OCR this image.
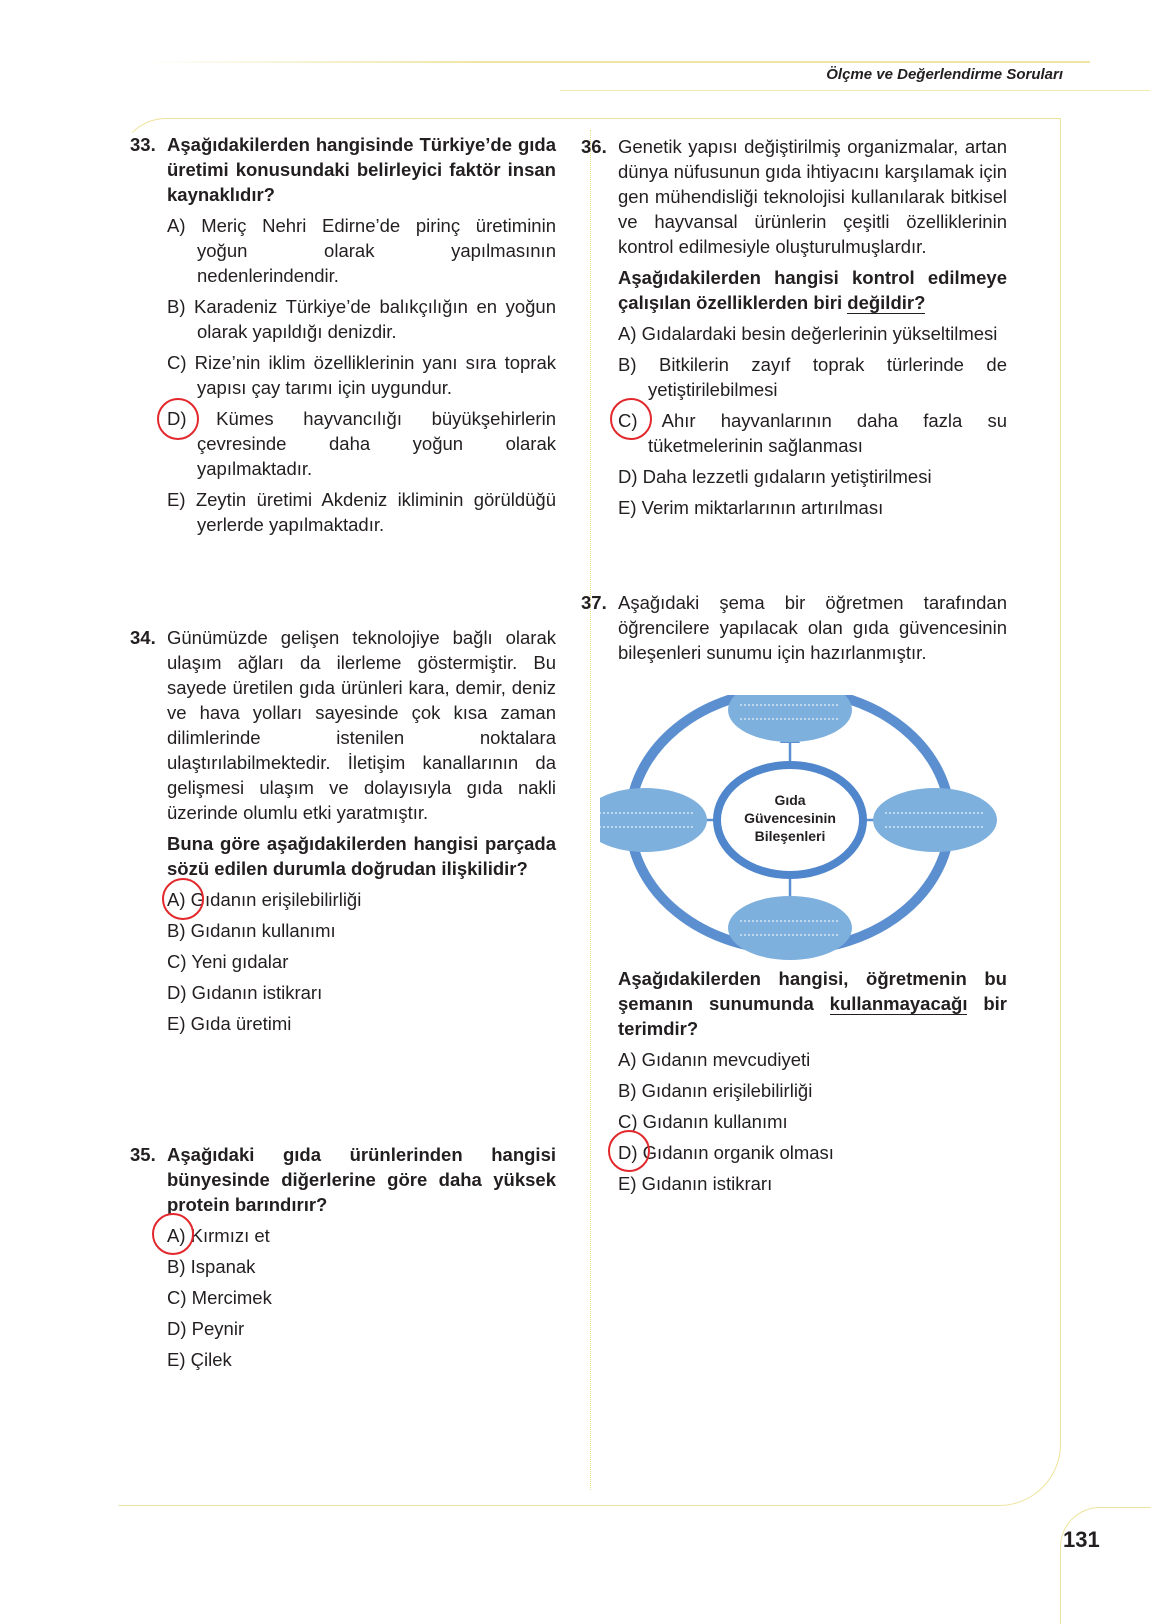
Ölçme ve Değerlendirme Soruları
131
33. Aşağıdakilerden hangisinde Türkiye’de gıda üretimi konusundaki belirleyici faktör insan kaynaklıdır?
A) Meriç Nehri Edirne’de pirinç üretiminin yoğun olarak yapılmasının nedenlerindendir.
B) Karadeniz Türkiye’de balıkçılığın en yoğun olarak yapıldığı denizdir.
C) Rize’nin iklim özelliklerinin yanı sıra toprak yapısı çay tarımı için uygundur.
D) Kümes hayvancılığı büyükşehirlerin çevresinde daha yoğun olarak yapılmaktadır.
E) Zeytin üretimi Akdeniz ikliminin görüldüğü yerlerde yapılmaktadır.
34. Günümüzde gelişen teknolojiye bağlı olarak ulaşım ağları da ilerleme göstermiştir. Bu sayede üretilen gıda ürünleri kara, demir, deniz ve hava yolları sayesinde çok kısa zaman dilimlerinde istenilen noktalara ulaştırılabilmektedir. İletişim kanallarının da gelişmesi ulaşım ve dolayısıyla gıda nakli üzerinde olumlu etki yaratmıştır.
Buna göre aşağıdakilerden hangisi parçada sözü edilen durumla doğrudan ilişkilidir?
A) Gıdanın erişilebilirliği
B) Gıdanın kullanımı
C) Yeni gıdalar
D) Gıdanın istikrarı
E) Gıda üretimi
35. Aşağıdaki gıda ürünlerinden hangisi bünyesinde diğerlerine göre daha yüksek protein barındırır?
A) Kırmızı et
B) Ispanak
C) Mercimek
D) Peynir
E) Çilek
36. Genetik yapısı değiştirilmiş organizmalar, artan dünya nüfusunun gıda ihtiyacını karşılamak için gen mühendisliği teknolojisi kullanılarak bitkisel ve hayvansal ürünlerin çeşitli özelliklerinin kontrol edilmesiyle oluşturulmuşlardır.
Aşağıdakilerden hangisi kontrol edilmeye çalışılan özelliklerden biri değildir?
A) Gıdalardaki besin değerlerinin yükseltilmesi
B) Bitkilerin zayıf toprak türlerinde de yetiştirilebilmesi
C) Ahır hayvanlarının daha fazla su tüketmelerinin sağlanması
D) Daha lezzetli gıdaların yetiştirilmesi
E) Verim miktarlarının artırılması
37. Aşağıdaki şema bir öğretmen tarafından öğrencilere yapılacak olan gıda güvencesinin bileşenleri sunumu için hazırlanmıştır.
Gıda
Güvencesinin
Bileşenleri
Aşağıdakilerden hangisi, öğretmenin bu şemanın sunumunda kullanmayacağı bir terimdir?
A) Gıdanın mevcudiyeti
B) Gıdanın erişilebilirliği
C) Gıdanın kullanımı
D) Gıdanın organik olması
E) Gıdanın istikrarı
